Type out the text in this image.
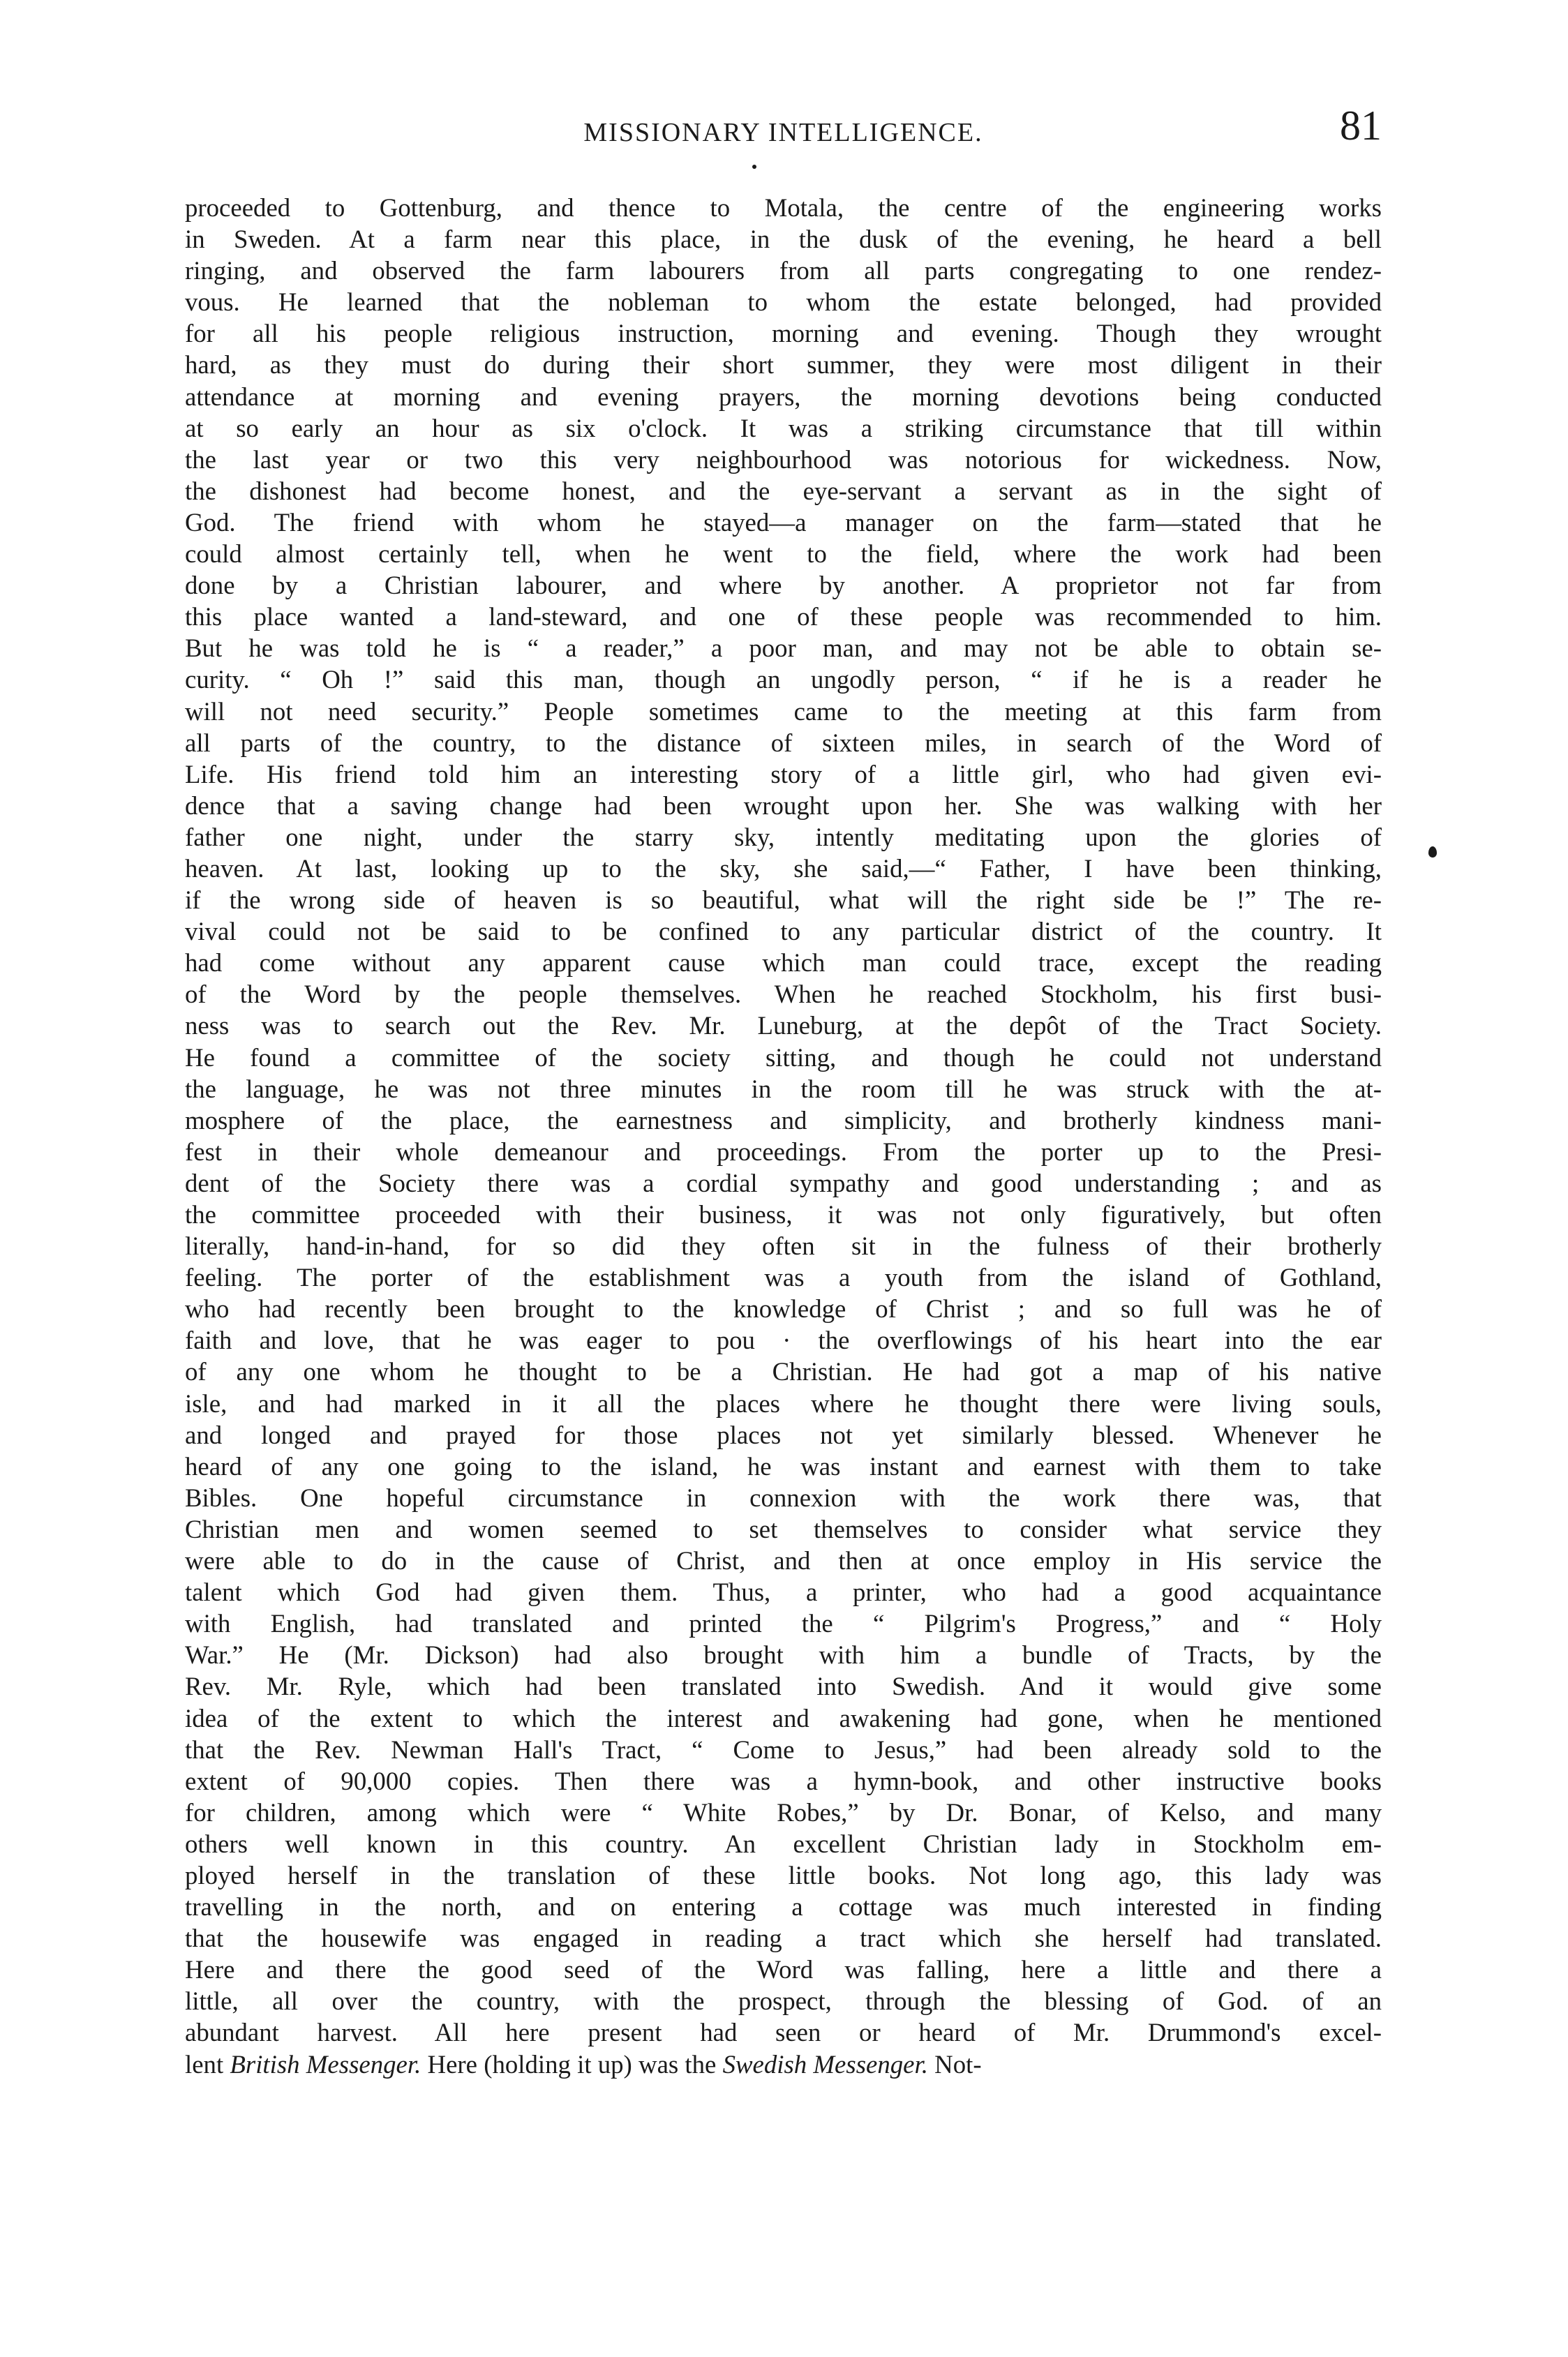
MISSIONARY INTELLIGENCE.	81
proceeded to Gottenburg, and thence to Motala, the centre of the engineering works
in Sweden. At a farm near this place, in the dusk of the evening, he heard a bell
ringing, and observed the farm labourers from all parts congregating to one rendez-
vous. He learned that the nobleman to whom the estate belonged, had provided
for all his people religious instruction, morning and evening. Though they wrought
hard, as they must do during their short summer, they were most diligent in their
attendance at morning and evening prayers, the morning devotions being conducted
at so early an hour as six o'clock. It was a striking circumstance that till within
the last year or two this very neighbourhood was notorious for wickedness. Now,
the dishonest had become honest, and the eye-servant a servant as in the sight of
God. The friend with whom he stayed—a manager on the farm—stated that he
could almost certainly tell, when he went to the field, where the work had been
done by a Christian labourer, and where by another. A proprietor not far from
this place wanted a land-steward, and one of these people was recommended to him.
But he was told he is “ a reader,” a poor man, and may not be able to obtain se-
curity. “ Oh !” said this man, though an ungodly person, “ if he is a reader he
will not need security.” People sometimes came to the meeting at this farm from
all parts of the country, to the distance of sixteen miles, in search of the Word of
Life. His friend told him an interesting story of a little girl, who had given evi-
dence that a saving change had been wrought upon her. She was walking with her
father one night, under the starry sky, intently meditating upon the glories of
heaven. At last, looking up to the sky, she said,—“ Father, I have been thinking,
if the wrong side of heaven is so beautiful, what will the right side be !” The re-
vival could not be said to be confined to any particular district of the country. It
had come without any apparent cause which man could trace, except the reading
of the Word by the people themselves. When he reached Stockholm, his first busi-
ness was to search out the Rev. Mr. Luneburg, at the depôt of the Tract Society.
He found a committee of the society sitting, and though he could not understand
the language, he was not three minutes in the room till he was struck with the at-
mosphere of the place, the earnestness and simplicity, and brotherly kindness mani-
fest in their whole demeanour and proceedings. From the porter up to the Presi-
dent of the Society there was a cordial sympathy and good understanding ; and as
the committee proceeded with their business, it was not only figuratively, but often
literally, hand-in-hand, for so did they often sit in the fulness of their brotherly
feeling. The porter of the establishment was a youth from the island of Gothland,
who had recently been brought to the knowledge of Christ ; and so full was he of
faith and love, that he was eager to pou · the overflowings of his heart into the ear
of any one whom he thought to be a Christian. He had got a map of his native
isle, and had marked in it all the places where he thought there were living souls,
and longed and prayed for those places not yet similarly blessed. Whenever he
heard of any one going to the island, he was instant and earnest with them to take
Bibles. One hopeful circumstance in connexion with the work there was, that
Christian men and women seemed to set themselves to consider what service they
were able to do in the cause of Christ, and then at once employ in His service the
talent which God had given them. Thus, a printer, who had a good acquaintance
with English, had translated and printed the “ Pilgrim's Progress,” and “ Holy
War.” He (Mr. Dickson) had also brought with him a bundle of Tracts, by the
Rev. Mr. Ryle, which had been translated into Swedish. And it would give some
idea of the extent to which the interest and awakening had gone, when he mentioned
that the Rev. Newman Hall's Tract, “ Come to Jesus,” had been already sold to the
extent of 90,000 copies. Then there was a hymn-book, and other instructive books
for children, among which were “ White Robes,” by Dr. Bonar, of Kelso, and many
others well known in this country. An excellent Christian lady in Stockholm em-
ployed herself in the translation of these little books. Not long ago, this lady was
travelling in the north, and on entering a cottage was much interested in finding
that the housewife was engaged in reading a tract which she herself had translated.
Here and there the good seed of the Word was falling, here a little and there a
little, all over the country, with the prospect, through the blessing of God. of an
abundant harvest. All here present had seen or heard of Mr. Drummond's excel-
lent British Messenger. Here (holding it up) was the Swedish Messenger. Not-
